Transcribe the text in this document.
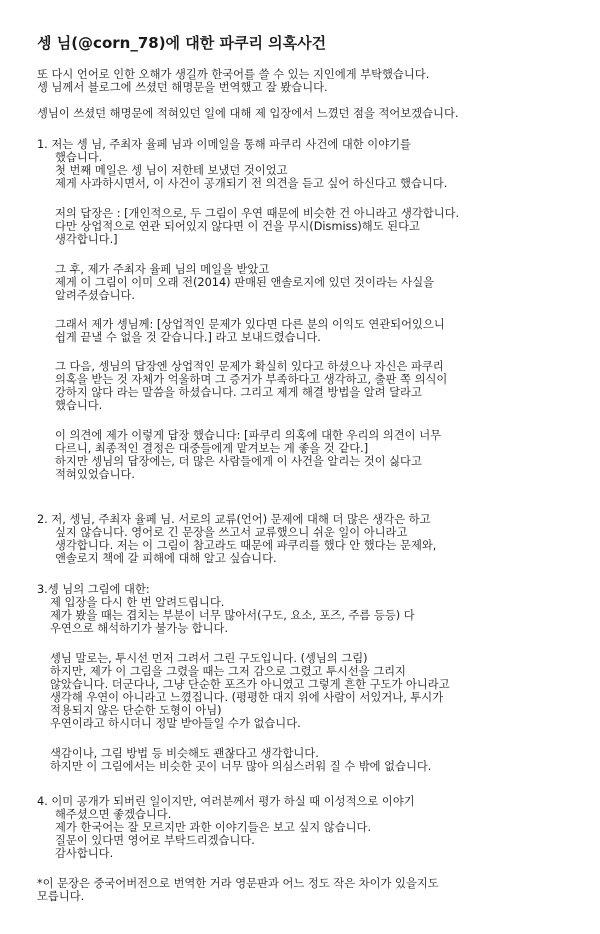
셍 님(@corn_78)에 대한 파쿠리 의혹사건
또 다시 언어로 인한 오해가 생길까 한국어를 쓸 수 있는 지인에게 부탁했습니다.
셍 님께서 블로그에 쓰셨던 해명문을 번역했고 잘 봤습니다.
셍님이 쓰셨던 해명문에 적혀있던 일에 대해 제 입장에서 느꼈던 점을 적어보겠습니다.
1. 저는 셍 님, 주최자 율페 님과 이메일을 통해 파쿠리 사건에 대한 이야기를
했습니다.
첫 번째 메일은 셍 님이 저한테 보냈던 것이었고
제게 사과하시면서, 이 사건이 공개되기 전 의견을 듣고 싶어 하신다고 했습니다.
저의 답장은 : [개인적으로, 두 그림이 우연 때문에 비슷한 건 아니라고 생각합니다.
다만 상업적으로 연관 되어있지 않다면 이 건을 무시(Dismiss)해도 된다고
생각합니다.]
그 후, 제가 주최자 율페 님의 메일을 받았고
제게 이 그림이 이미 오래 전(2014) 판매된 앤솔로지에 있던 것이라는 사실을
알려주셨습니다.
그래서 제가 셍님께: [상업적인 문제가 있다면 다른 분의 이익도 연관되어있으니
쉽게 끝낼 수 없을 것 같습니다.] 라고 보내드렸습니다.
그 다음, 셍님의 답장엔 상업적인 문제가 확실히 있다고 하셨으나 자신은 파쿠리
의혹을 받는 것 자체가 억울하며 그 증거가 부족하다고 생각하고, 출판 쪽 의식이
강하지 않다 라는 말씀을 하셨습니다. 그리고 제게 해결 방법을 알려 달라고
했습니다.
이 의견에 제가 이렇게 답장 했습니다: [파쿠리 의혹에 대한 우리의 의견이 너무
다르니, 최종적인 결정은 대중들에게 맡겨보는 게 좋을 것 같다.]
하지만 셍님의 답장에는, 더 많은 사람들에게 이 사건을 알리는 것이 싫다고
적혀있었습니다.
2. 저, 셍님, 주최자 율페 님. 서로의 교류(언어) 문제에 대해 더 많은 생각은 하고
싶지 않습니다. 영어로 긴 문장을 쓰고서 교류했으니 쉬운 일이 아니라고
생각합니다. 저는 이 그림이 참고라도 때문에 파쿠리를 했다 안 했다는 문제와,
앤솔로지 책에 갈 피해에 대해 알고 싶습니다.
3.셍 님의 그림에 대한:
제 입장을 다시 한 번 알려드립니다.
제가 봤을 때는 겹치는 부분이 너무 많아서(구도, 요소, 포즈, 주름 등등) 다
우연으로 해석하기가 불가능 합니다.
셍님 말로는, 투시선 먼저 그려서 그린 구도입니다. (셍님의 그림)
하지만, 제가 이 그림을 그렸을 때는 그저 감으로 그렸고 투시선을 그리지
않았습니다. 더군다나, 그냥 단순한 포즈가 아니였고 그렇게 흔한 구도가 아니라고
생각해 우연이 아니라고 느꼈집니다. (평평한 대지 위에 사람이 서있거나, 투시가
적용되지 않은 단순한 도형이 아님)
우연이라고 하시더니 정말 받아들일 수가 없습니다.
색감이나, 그림 방법 등 비슷해도 괜찮다고 생각합니다.
하지만 이 그림에서는 비슷한 곳이 너무 많아 의심스러워 질 수 밖에 없습니다.
4. 이미 공개가 되버린 일이지만, 여러분께서 평가 하실 때 이성적으로 이야기
해주셨으면 좋겠습니다.
제가 한국어는 잘 모르지만 과한 이야기들은 보고 싶지 않습니다.
질문이 있다면 영어로 부탁드리겠습니다.
감사합니다.
*이 문장은 중국어버전으로 번역한 거라 영문판과 어느 정도 작은 차이가 있을지도
모릅니다.
